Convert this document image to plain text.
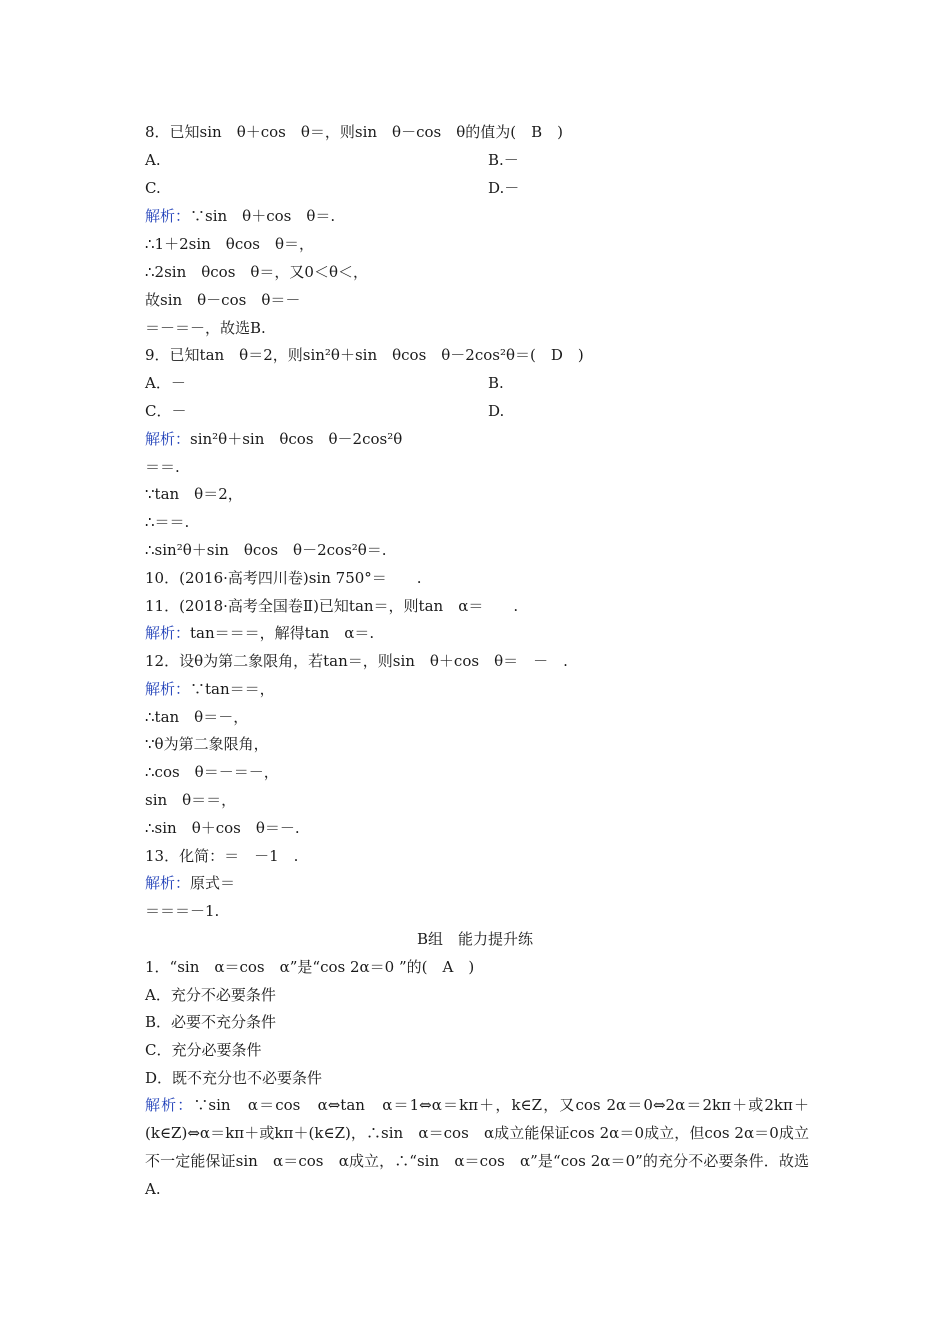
8．已知sin　θ＋cos　θ＝，则sin　θ－cos　θ的值为(　B　)
A.
C.
解析：∵sin　θ＋cos　θ＝.
∴1＋2sin　θcos　θ＝，
∴2sin　θcos　θ＝，又0＜θ＜，
故sin　θ－cos　θ＝－
＝－＝－，故选B.
9．已知tan　θ＝2，则sin²θ＋sin　θcos　θ－2cos²θ＝(　D　)
A．－
C．－
解析：sin²θ＋sin　θcos　θ－2cos²θ
＝＝.
∵tan　θ＝2，
∴＝＝.
∴sin²θ＋sin　θcos　θ－2cos²θ＝.
10．(2016·高考四川卷)sin 750°＝　　.
11．(2018·高考全国卷Ⅱ)已知tan＝，则tan　α＝　　.
解析：tan＝＝＝，解得tan　α＝.
12．设θ为第二象限角，若tan＝，则sin　θ＋cos　θ＝　－　.
解析：∵tan＝＝，
∴tan　θ＝－，
∵θ为第二象限角，
∴cos　θ＝－＝－，
sin　θ＝＝，
∴sin　θ＋cos　θ＝－.
13．化简：＝　－1　.
解析：原式＝
＝＝＝－1.
1．“sin　α＝cos　α”是“cos 2α＝0 ”的(　A　)
A．充分不必要条件
B．必要不充分条件
C．充分必要条件
D．既不充分也不必要条件
B.－
D.－
B.
D.
B组　能力提升练
解析：∵sin　α＝cos　α⇔tan　α＝1⇔α＝kπ＋，k∈Z，又cos 2α＝0⇔2α＝2kπ＋或2kπ＋(k∈Z)⇔α＝kπ＋或kπ＋(k∈Z)，∴sin　α＝cos　α成立能保证cos 2α＝0成立，但cos 2α＝0成立不一定能保证sin　α＝cos　α成立，∴“sin　α＝cos　α”是“cos 2α＝0”的充分不必要条件．故选A.
